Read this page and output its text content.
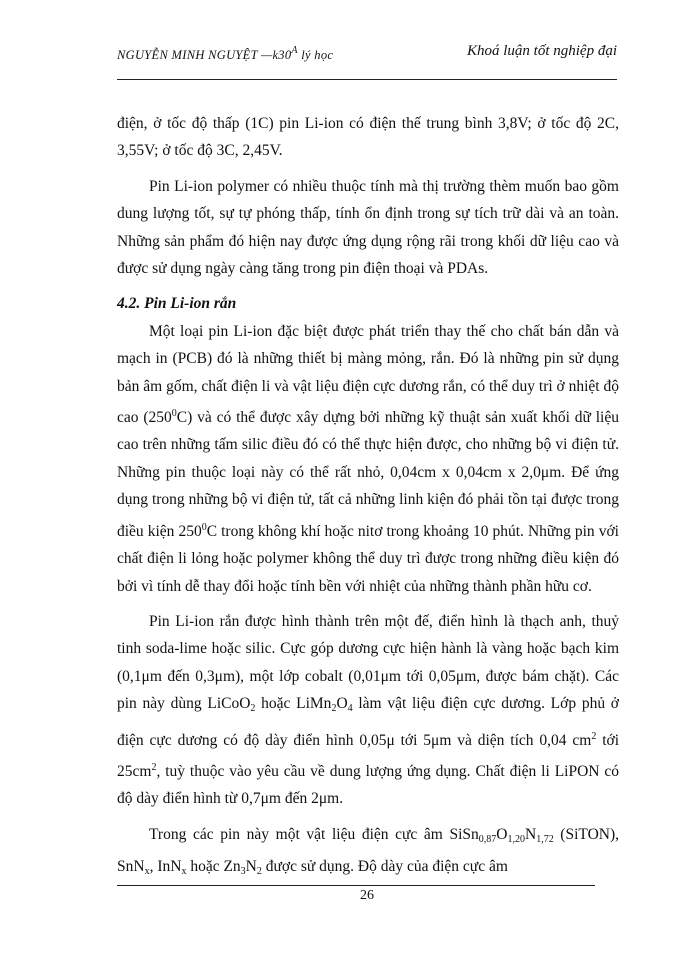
NGUYỄN MINH NGUYỆT $—k30^A$ lý học	Khoá luận tốt nghiệp đại

điện, ở tốc độ thấp (1C) pin Li-ion có điện thế trung bình 3,8V; ở tốc độ 2C, 3,55V; ở tốc độ 3C, 2,45V.

Pin Li-ion polymer có nhiều thuộc tính mà thị trường thèm muốn bao gồm dung lượng tốt, sự tự phóng thấp, tính ổn định trong sự tích trữ dài và an toàn. Những sản phẩm đó hiện nay được ứng dụng rộng rãi trong khối dữ liệu cao và được sử dụng ngày càng tăng trong pin điện thoại và PDAs.

4.2. Pin Li-ion rắn

Một loại pin Li-ion đặc biệt được phát triển thay thế cho chất bán dẫn và mạch in (PCB) đó là những thiết bị màng mỏng, rắn. Đó là những pin sử dụng bản âm gốm, chất điện li và vật liệu điện cực dương rắn, có thể duy trì ở nhiệt độ cao $(250^0C)$ và có thể được xây dựng bởi những kỹ thuật sản xuất khối dữ liệu cao trên những tấm silic điều đó có thể thực hiện được, cho những bộ vi điện tử. Những pin thuộc loại này có thể rất nhỏ, 0,04cm x 0,04cm x 2,0μm. Để ứng dụng trong những bộ vi điện tử, tất cả những linh kiện đó phải tồn tại được trong điều kiện $250^0C$ trong không khí hoặc nitơ trong khoảng 10 phút. Những pin với chất điện li lỏng hoặc polymer không thể duy trì được trong những điều kiện đó bởi vì tính dễ thay đổi hoặc tính bền với nhiệt của những thành phần hữu cơ.

Pin Li-ion rắn được hình thành trên một đế, điển hình là thạch anh, thuỷ tinh soda-lime hoặc silic. Cực góp dương cực hiện hành là vàng hoặc bạch kim (0,1μm đến 0,3μm), một lớp cobalt (0,01μm tới 0,05μm, được bám chặt). Các pin này dùng LiCoO$_2$ hoặc $LiMn_2O_4$ làm vật liệu điện cực dương. Lớp phủ ở điện cực dương có độ dày điển hình 0,05μ tới 5μm và diện tích 0,04 $cm^2$ tới $25cm^2$, tuỳ thuộc vào yêu cầu về dung lượng ứng dụng. Chất điện li LiPON có độ dày điển hình từ 0,7μm đến 2μm.

Trong các pin này một vật liệu điện cực âm $SiSn_{0,87}O_{1,20}N_{1,72}$ (SiTON), SnN$_x$, InN$_x$ hoặc $Zn_3N_2$ được sử dụng. Độ dày của điện cực âm

26
